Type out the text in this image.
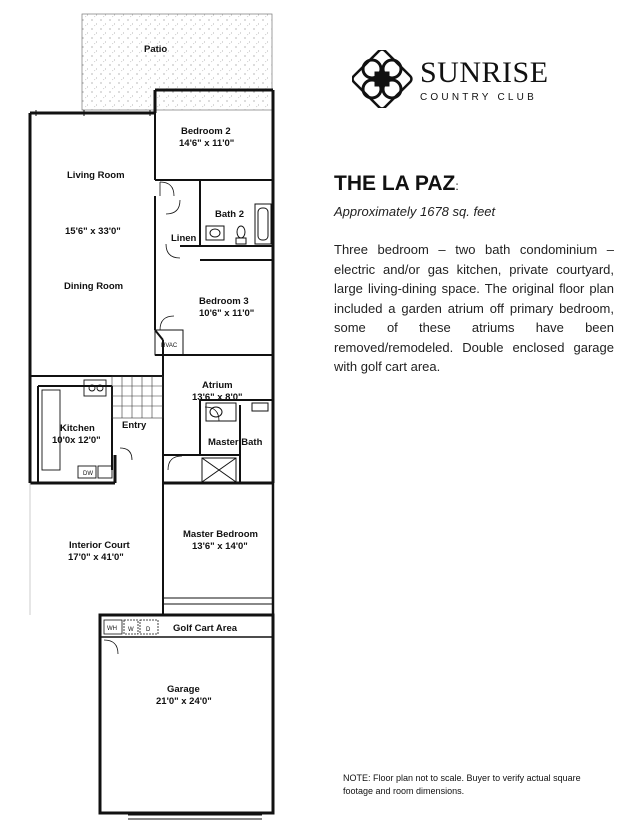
Patio
Bedroom 2
14'6" x 11'0"
Living Room
15'6" x 33'0"
Bath 2
Linen
Dining Room
Bedroom 3
10'6" x 11'0"
HVAC
Atrium
13'6" x 8'0"
Entry
Kitchen
10'0x 12'0"	Master Bath
DW
Master Bedroom
13'6" x 14'0"
Interior Court
17'0" x 41'0"
WH W D Golf Cart Area
Garage
21'0" x 24'0"
SUNRISE
COUNTRY CLUB
THE LA PAZ:
Approximately 1678 sq. feet

Three bedroom – two bath condominium – electric and/or gas kitchen, private courtyard, large living-dining space. The original floor plan included a garden atrium off primary bedroom, some of these atriums have been removed/remodeled. Double enclosed garage with golf cart area.

NOTE: Floor plan not to scale. Buyer to verify actual square footage and room dimensions.
